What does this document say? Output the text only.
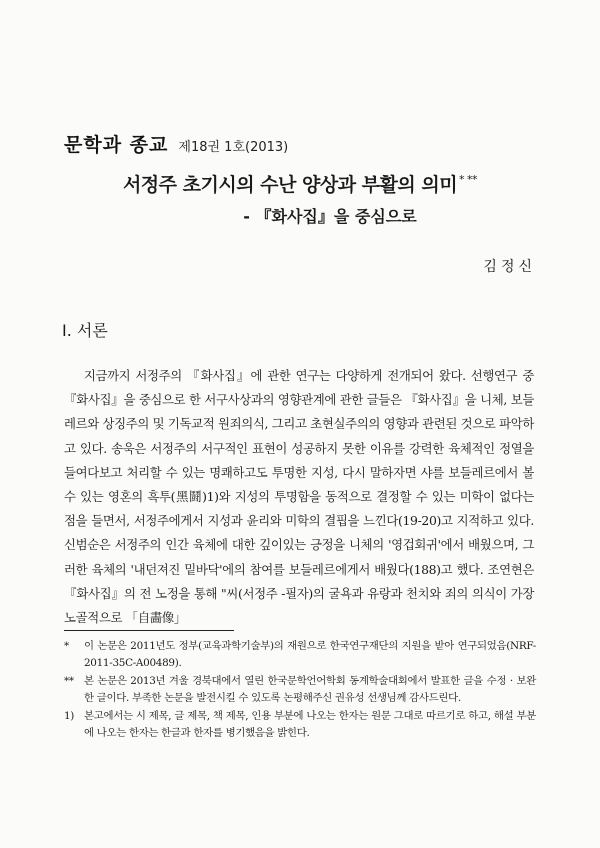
문학과 종교 제18권 1호(2013)
서정주 초기시의 수난 양상과 부활의 의미 * **
- 『화사집』을 중심으로
김정신
Ⅰ. 서론

지금까지 서정주의 『화사집』에 관한 연구는 다양하게 전개되어 왔다. 선행연구 중 『화사집』을 중심으로 한 서구사상과의 영향관계에 관한 글들은 『화사집』을 니체, 보들레르와 상징주의 및 기독교적 원죄의식, 그리고 초현실주의의 영향과 관련된 것으로 파악하고 있다. 송욱은 서정주의 서구적인 표현이 성공하지 못한 이유를 강력한 육체적인 정열을 들여다보고 처리할 수 있는 명쾌하고도 투명한 지성, 다시 말하자면 샤를 보들레르에서 볼 수 있는 영혼의 흑투(黑鬪)1)와 지성의 투명함을 동적으로 결정할 수 있는 미학이 없다는 점을 들면서, 서정주에게서 지성과 윤리와 미학의 결핍을 느낀다(19-20)고 지적하고 있다. 신범순은 서정주의 인간 육체에 대한 깊이있는 긍정을 니체의 '영겁회귀'에서 배웠으며, 그러한 육체의 '내던져진 밑바닥'에의 참여를 보들레르에게서 배웠다(188)고 했다. 조연현은 『화사집』의 전 노정을 통해 "씨(서정주 -필자)의 굴욕과 유랑과 천치와 죄의 의식이 가장 노골적으로 「自畵像」

*	이 논문은 2011년도 정부(교육과학기술부)의 재원으로 한국연구재단의 지원을 받아 연구되었음(NRF-2011-35C-A00489).
** 본 논문은 2013년 겨울 경북대에서 열린 한국문학언어학회 동계학술대회에서 발표한 글을 수정 · 보완한 글이다. 부족한 논문을 발전시킬 수 있도록 논평해주신 권유성 선생님께 감사드린다.
1) 본고에서는 시 제목, 글 제목, 책 제목, 인용 부분에 나오는 한자는 원문 그대로 따르기로 하고, 해설 부분에 나오는 한자는 한글과 한자를 병기했음을 밝힌다.
